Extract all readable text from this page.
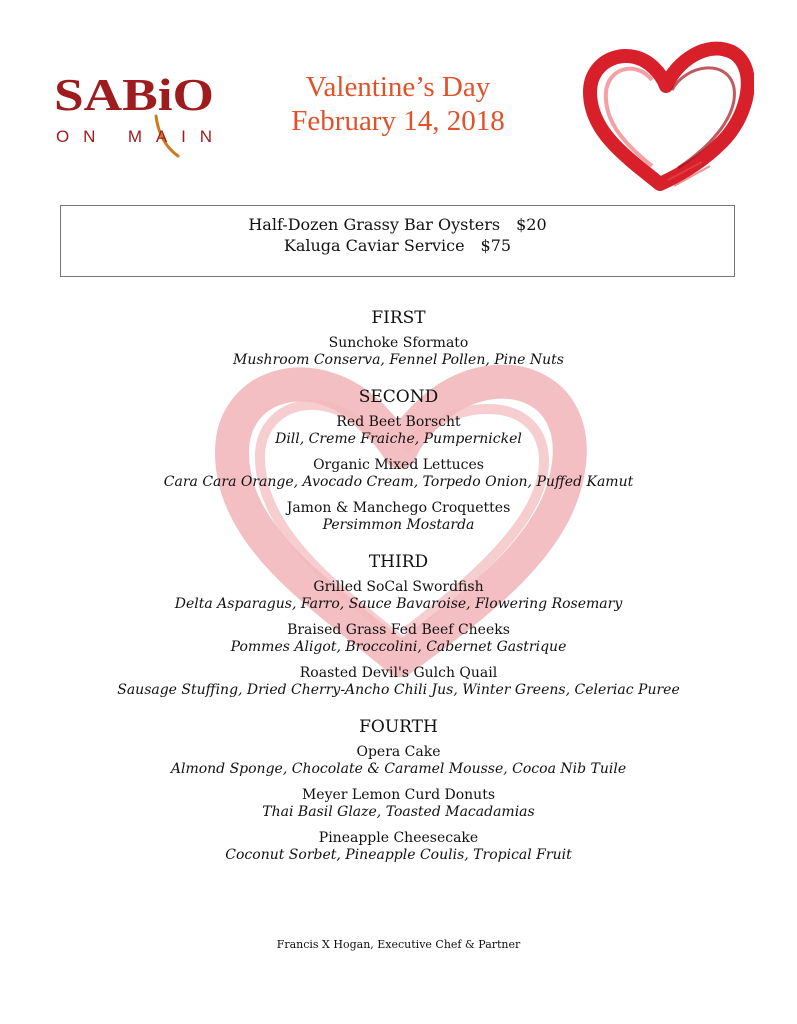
SABiO
ON MAIN
Valentine’s Day
February 14, 2018
Half-Dozen Grassy Bar Oysters $20
Kaluga Caviar Service $75
FIRST
Sunchoke Sformato
Mushroom Conserva, Fennel Pollen, Pine Nuts
SECOND
Red Beet Borscht
Dill, Creme Fraiche, Pumpernickel
Organic Mixed Lettuces
Cara Cara Orange, Avocado Cream, Torpedo Onion, Puffed Kamut
Jamon & Manchego Croquettes
Persimmon Mostarda
THIRD
Grilled SoCal Swordfish
Delta Asparagus, Farro, Sauce Bavaroise, Flowering Rosemary
Braised Grass Fed Beef Cheeks
Pommes Aligot, Broccolini, Cabernet Gastrique
Roasted Devil's Gulch Quail
Sausage Stuffing, Dried Cherry-Ancho Chili Jus, Winter Greens, Celeriac Puree
FOURTH
Opera Cake
Almond Sponge, Chocolate & Caramel Mousse, Cocoa Nib Tuile
Meyer Lemon Curd Donuts
Thai Basil Glaze, Toasted Macadamias
Pineapple Cheesecake
Coconut Sorbet, Pineapple Coulis, Tropical Fruit
Francis X Hogan, Executive Chef & Partner
